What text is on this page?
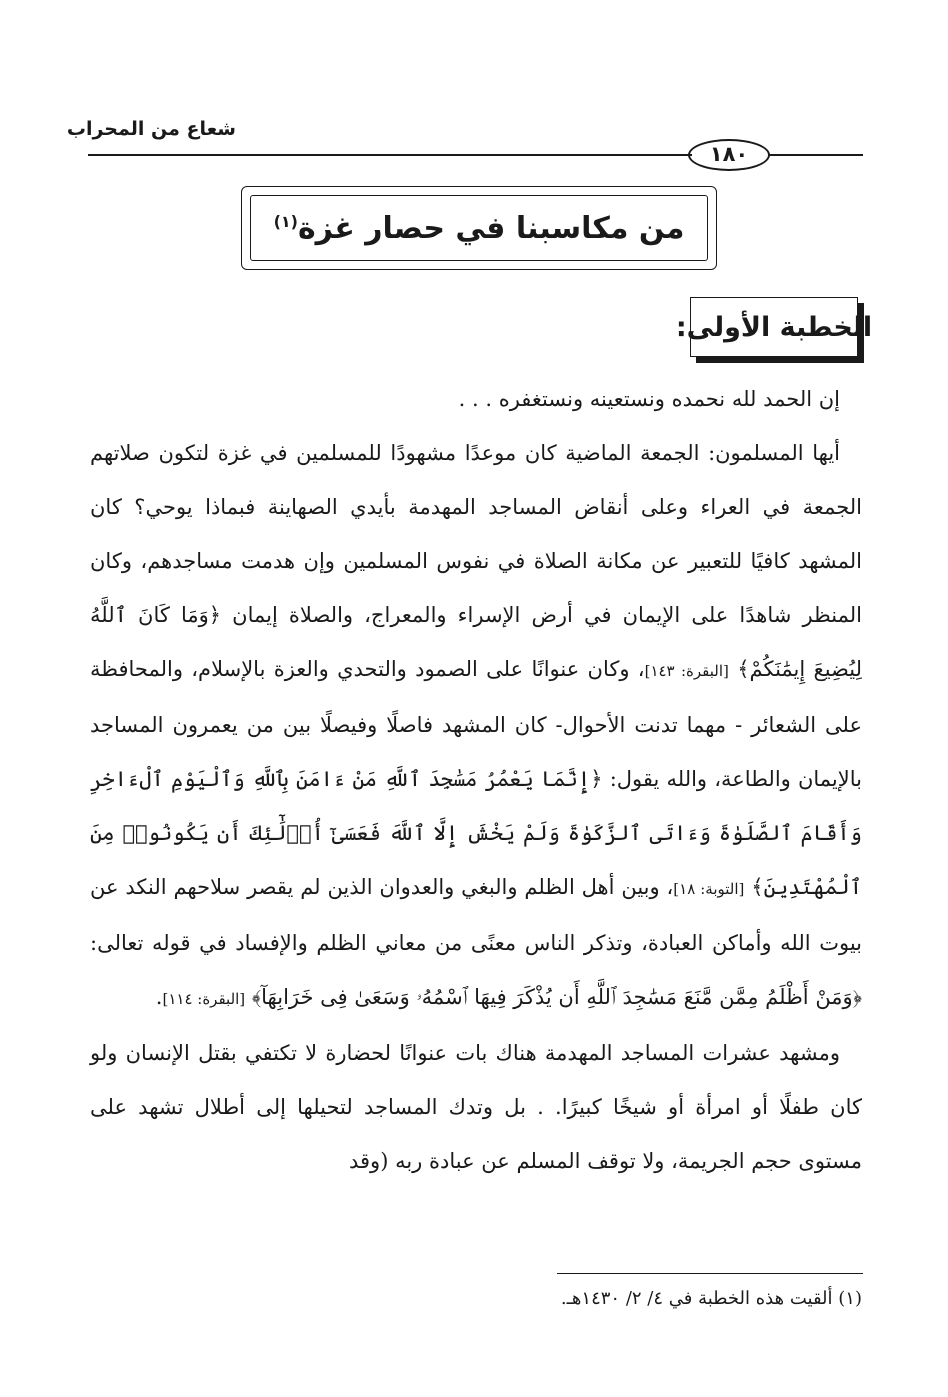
شعاع من المحراب
١٨٠
من مكاسبنا في حصار غزة$^{(١)}$
الخطبة الأولى:

إن الحمد لله نحمده ونستعينه ونستغفره . . .

أيها المسلمون: الجمعة الماضية كان موعدًا مشهودًا للمسلمين في غزة لتكون صلاتهم الجمعة في العراء وعلى أنقاض المساجد المهدمة بأيدي الصهاينة فبماذا يوحي؟ كان المشهد كافيًا للتعبير عن مكانة الصلاة في نفوس المسلمين وإن هدمت مساجدهم، وكان المنظر شاهدًا على الإيمان في أرض الإسراء والمعراج، والصلاة إيمان ﴿وَمَا كَانَ ٱللَّهُ لِيُضِيعَ إِيمَٰنَكُمْ﴾ [البقرة: ١٤٣]، وكان عنوانًا على الصمود والتحدي والعزة بالإسلام، والمحافظة على الشعائر - مهما تدنت الأحوال- كان المشهد فاصلًا وفيصلًا بين من يعمرون المساجد بالإيمان والطاعة، والله يقول: ﴿إِنَّمَا يَعْمُرُ مَسَٰجِدَ ٱللَّهِ مَنْ ءَامَنَ بِٱللَّهِ وَٱلْيَوْمِ ٱلْءَاخِرِ وَأَقَامَ ٱلصَّلَوٰةَ وَءَاتَى ٱلزَّكَوٰةَ وَلَمْ يَخْشَ إِلَّا ٱللَّهَ فَعَسَىٰٓ أُو۟لَٰٓئِكَ أَن يَكُونُوا۟ مِنَ ٱلْمُهْتَدِينَ﴾ [التوبة: ١٨]، وبين أهل الظلم والبغي والعدوان الذين لم يقصر سلاحهم النكد عن بيوت الله وأماكن العبادة، وتذكر الناس معنًى من معاني الظلم والإفساد في قوله تعالى: ﴿وَمَنْ أَظْلَمُ مِمَّن مَّنَعَ مَسَٰجِدَ ٱللَّهِ أَن يُذْكَرَ فِيهَا ٱسْمُهُۥ وَسَعَىٰ فِى خَرَابِهَآ﴾ [البقرة: ١١٤].

ومشهد عشرات المساجد المهدمة هناك بات عنوانًا لحضارة لا تكتفي بقتل الإنسان ولو كان طفلًا أو امرأة أو شيخًا كبيرًا. . بل وتدك المساجد لتحيلها إلى أطلال تشهد على مستوى حجم الجريمة، ولا توقف المسلم عن عبادة ربه (وقد

(١) ألقيت هذه الخطبة في ٤/ ٢/ ١٤٣٠هـ.
